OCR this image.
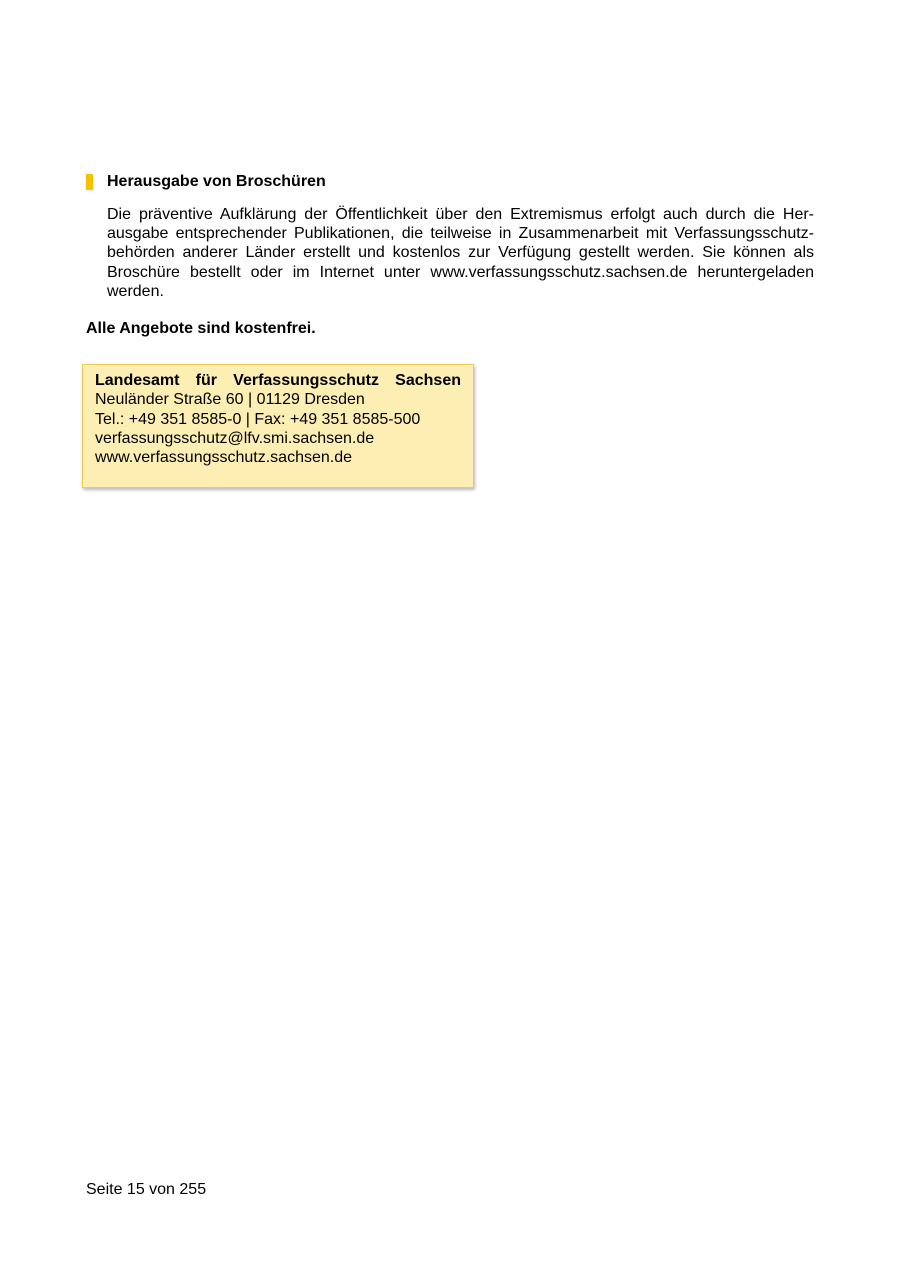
Herausgabe von Broschüren

Die präventive Aufklärung der Öffentlichkeit über den Extremismus erfolgt auch durch die Herausgabe entsprechender Publikationen, die teilweise in Zusammenarbeit mit Verfassungsschutzbehörden anderer Länder erstellt und kostenlos zur Verfügung gestellt werden. Sie können als Broschüre bestellt oder im Internet unter www.verfassungsschutz.sachsen.de heruntergeladen werden.

Alle Angebote sind kostenfrei.
Landesamt für Verfassungsschutz Sachsen
Neuländer Straße 60 | 01129 Dresden
Tel.: +49 351 8585-0 | Fax: +49 351 8585-500
verfassungsschutz@lfv.smi.sachsen.de
www.verfassungsschutz.sachsen.de
Seite 15 von 255
